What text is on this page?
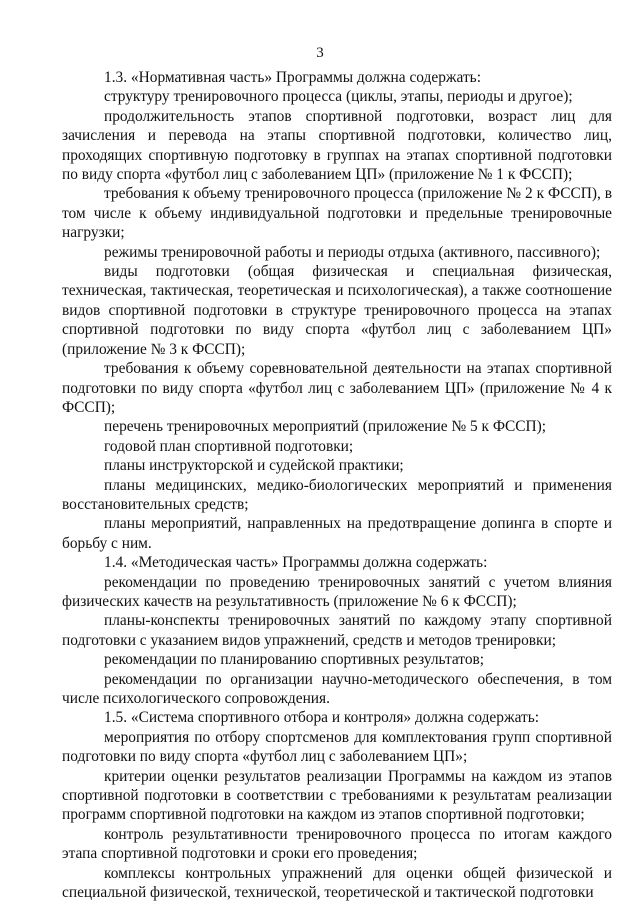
3

1.3. «Нормативная часть» Программы должна содержать:

структуру тренировочного процесса (циклы, этапы, периоды и другое);

продолжительность этапов спортивной подготовки, возраст лиц для зачисления и перевода на этапы спортивной подготовки, количество лиц, проходящих спортивную подготовку в группах на этапах спортивной подготовки по виду спорта «футбол лиц с заболеванием ЦП» (приложение № 1 к ФССП);

требования к объему тренировочного процесса (приложение № 2 к ФССП), в том числе к объему индивидуальной подготовки и предельные тренировочные нагрузки;

режимы тренировочной работы и периоды отдыха (активного, пассивного);

виды подготовки (общая физическая и специальная физическая, техническая, тактическая, теоретическая и психологическая), а также соотношение видов спортивной подготовки в структуре тренировочного процесса на этапах спортивной подготовки по виду спорта «футбол лиц с заболеванием ЦП» (приложение № 3 к ФССП);

требования к объему соревновательной деятельности на этапах спортивной подготовки по виду спорта «футбол лиц с заболеванием ЦП» (приложение № 4 к ФССП);

перечень тренировочных мероприятий (приложение № 5 к ФССП);

годовой план спортивной подготовки;

планы инструкторской и судейской практики;

планы медицинских, медико-биологических мероприятий и применения восстановительных средств;

планы мероприятий, направленных на предотвращение допинга в спорте и борьбу с ним.

1.4. «Методическая часть» Программы должна содержать:

рекомендации по проведению тренировочных занятий с учетом влияния физических качеств на результативность (приложение № 6 к ФССП);

планы-конспекты тренировочных занятий по каждому этапу спортивной подготовки с указанием видов упражнений, средств и методов тренировки;

рекомендации по планированию спортивных результатов;

рекомендации по организации научно-методического обеспечения, в том числе психологического сопровождения.

1.5. «Система спортивного отбора и контроля» должна содержать:

мероприятия по отбору спортсменов для комплектования групп спортивной подготовки по виду спорта «футбол лиц с заболеванием ЦП»;

критерии оценки результатов реализации Программы на каждом из этапов спортивной подготовки в соответствии с требованиями к результатам реализации программ спортивной подготовки на каждом из этапов спортивной подготовки;

контроль результативности тренировочного процесса по итогам каждого этапа спортивной подготовки и сроки его проведения;

комплексы контрольных упражнений для оценки общей физической и специальной физической, технической, теоретической и тактической подготовки
